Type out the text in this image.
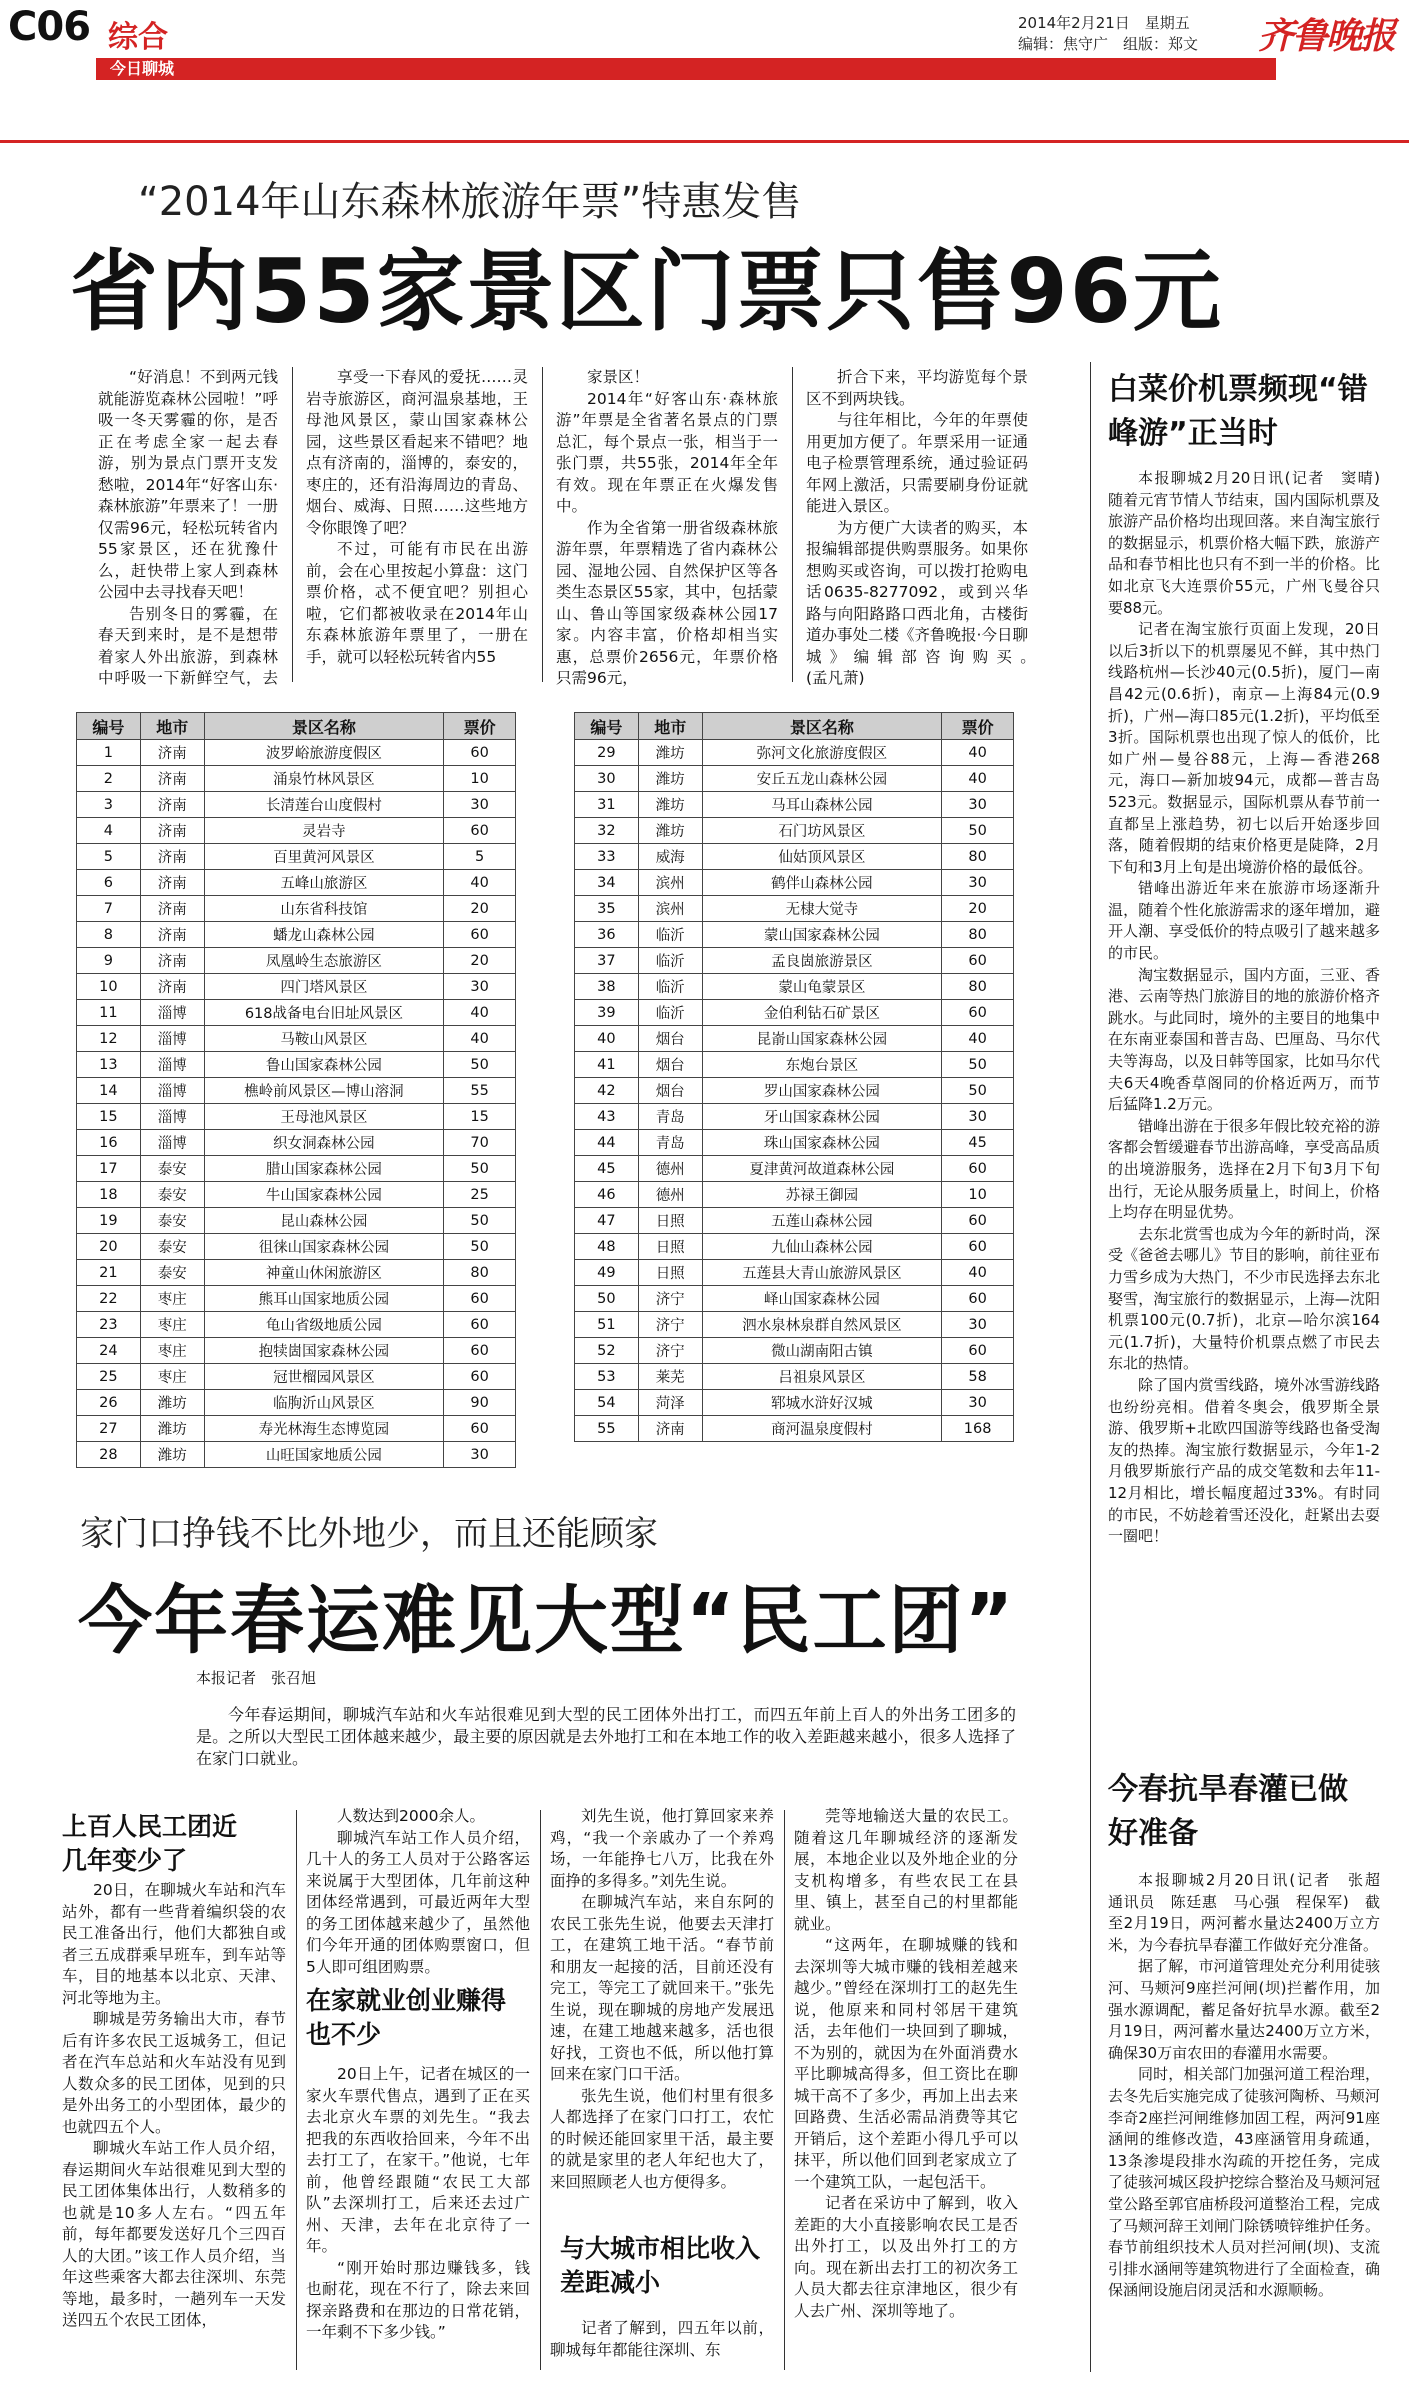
C06 综合
今日聊城
2014年2月21日　星期五
编辑：焦守广　组版：郑文 齐鲁晚报
“2014年山东森林旅游年票”特惠发售
省内55家景区门票只售96元

“好消息！不到两元钱就能游览森林公园啦！”呼吸一冬天雾霾的你，是否正在考虑全家一起去春游，别为景点门票开支发愁啦，2014年“好客山东·森林旅游”年票来了！一册仅需96元，轻松玩转省内55家景区，还在犹豫什么，赶快带上家人到森林公园中去寻找春天吧！

告别冬日的雾霾，在春天到来时，是不是想带着家人外出旅游，到森林中呼吸一下新鲜空气，去

享受一下春风的爱抚……灵岩寺旅游区，商河温泉基地，王母池风景区，蒙山国家森林公园，这些景区看起来不错吧？地点有济南的，淄博的，泰安的，枣庄的，还有沿海周边的青岛、烟台、威海、日照……这些地方令你眼馋了吧？

不过，可能有市民在出游前，会在心里按起小算盘：这门票价格，忒不便宜吧？别担心啦，它们都被收录在2014年山东森林旅游年票里了，一册在手，就可以轻松玩转省内55

家景区！

2014年“好客山东·森林旅游”年票是全省著名景点的门票总汇，每个景点一张，相当于一张门票，共55张，2014年全年有效。现在年票正在火爆发售中。

作为全省第一册省级森林旅游年票，年票精选了省内森林公园、湿地公园、自然保护区等各类生态景区55家，其中，包括蒙山、鲁山等国家级森林公园17家。内容丰富，价格却相当实惠，总票价2656元，年票价格只需96元，

折合下来，平均游览每个景区不到两块钱。

与往年相比，今年的年票使用更加方便了。年票采用一证通电子检票管理系统，通过验证码年网上激活，只需要刷身份证就能进入景区。

为方便广大读者的购买，本报编辑部提供购票服务。如果你想购买或咨询，可以拨打抢购电话0635-8277092，或到兴华路与向阳路路口西北角，古楼街道办事处二楼《齐鲁晚报·今日聊城》编辑部咨询购买。　　　　　　　　(孟凡萧)

编号	地市	景区名称	票价
1	济南	波罗峪旅游度假区	60
2	济南	涌泉竹林风景区	10
3	济南	长清莲台山度假村	30
4	济南	灵岩寺	60
5	济南	百里黄河风景区	5
6	济南	五峰山旅游区	40
7	济南	山东省科技馆	20
8	济南	蟠龙山森林公园	60
9	济南	凤凰岭生态旅游区	20
10	济南	四门塔风景区	30
11	淄博	618战备电台旧址风景区	40
12	淄博	马鞍山风景区	40
13	淄博	鲁山国家森林公园	50
14	淄博	樵岭前风景区—博山溶洞	55
15	淄博	王母池风景区	15
16	淄博	织女洞森林公园	70
17	泰安	腊山国家森林公园	50
18	泰安	牛山国家森林公园	25
19	泰安	昆山森林公园	50
20	泰安	徂徕山国家森林公园	50
21	泰安	神童山休闲旅游区	80
22	枣庄	熊耳山国家地质公园	60
23	枣庄	龟山省级地质公园	60
24	枣庄	抱犊崮国家森林公园	60
25	枣庄	冠世榴园风景区	60
26	潍坊	临朐沂山风景区	90
27	潍坊	寿光林海生态博览园	60
28	潍坊	山旺国家地质公园	30
编号	地市	景区名称	票价
29	潍坊	弥河文化旅游度假区	40
30	潍坊	安丘五龙山森林公园	40
31	潍坊	马耳山森林公园	30
32	潍坊	石门坊风景区	50
33	威海	仙姑顶风景区	80
34	滨州	鹤伴山森林公园	30
35	滨州	无棣大觉寺	20
36	临沂	蒙山国家森林公园	80
37	临沂	孟良崮旅游景区	60
38	临沂	蒙山龟蒙景区	80
39	临沂	金伯利钻石矿景区	60
40	烟台	昆嵛山国家森林公园	40
41	烟台	东炮台景区	50
42	烟台	罗山国家森林公园	50
43	青岛	牙山国家森林公园	30
44	青岛	珠山国家森林公园	45
45	德州	夏津黄河故道森林公园	60
46	德州	苏禄王御园	10
47	日照	五莲山森林公园	60
48	日照	九仙山森林公园	60
49	日照	五莲县大青山旅游风景区	40
50	济宁	峄山国家森林公园	60
51	济宁	泗水泉林泉群自然风景区	30
52	济宁	微山湖南阳古镇	60
53	莱芜	吕祖泉风景区	58
54	菏泽	郓城水浒好汉城	30
55	济南	商河温泉度假村	168
家门口挣钱不比外地少，而且还能顾家
今年春运难见大型“民工团”
本报记者　张召旭

今年春运期间，聊城汽车站和火车站很难见到大型的民工团体外出打工，而四五年前上百人的外出务工团多的是。之所以大型民工团体越来越少，最主要的原因就是去外地打工和在本地工作的收入差距越来越小，很多人选择了在家门口就业。

上百人民工团近几年变少了

20日，在聊城火车站和汽车站外，都有一些背着编织袋的农民工准备出行，他们大都独自或者三五成群乘早班车，到车站等车，目的地基本以北京、天津、河北等地为主。

聊城是劳务输出大市，春节后有许多农民工返城务工，但记者在汽车总站和火车站没有见到人数众多的民工团体，见到的只是外出务工的小型团体，最少的也就四五个人。

聊城火车站工作人员介绍，春运期间火车站很难见到大型的民工团体集体出行，人数稍多的也就是10多人左右。“四五年前，每年都要发送好几个三四百人的大团。”该工作人员介绍，当年这些乘客大都去往深圳、东莞等地，最多时，一趟列车一天发送四五个农民工团体，

人数达到2000余人。

聊城汽车站工作人员介绍，几十人的务工人员对于公路客运来说属于大型团体，几年前这种团体经常遇到，可最近两年大型的务工团体越来越少了，虽然他们今年开通的团体购票窗口，但5人即可组团购票。

在家就业创业赚得也不少

20日上午，记者在城区的一家火车票代售点，遇到了正在买去北京火车票的刘先生。“我去把我的东西收拾回来，今年不出去打工了，在家干。”他说，七年前，他曾经跟随“农民工大部队”去深圳打工，后来还去过广州、天津，去年在北京待了一年。

“刚开始时那边赚钱多，钱也耐花，现在不行了，除去来回探亲路费和在那边的日常花销，一年剩不下多少钱。”

刘先生说，他打算回家来养鸡，“我一个亲戚办了一个养鸡场，一年能挣七八万，比我在外面挣的多得多。”刘先生说。

在聊城汽车站，来自东阿的农民工张先生说，他要去天津打工，在建筑工地干活。“春节前和朋友一起接的活，目前还没有完工，等完工了就回来干。”张先生说，现在聊城的房地产发展迅速，在建工地越来越多，活也很好找，工资也不低，所以他打算回来在家门口干活。

张先生说，他们村里有很多人都选择了在家门口打工，农忙的时候还能回家里干活，最主要的就是家里的老人年纪也大了，来回照顾老人也方便得多。

与大城市相比收入差距减小

记者了解到，四五年以前，聊城每年都能往深圳、东

莞等地输送大量的农民工。随着这几年聊城经济的逐渐发展，本地企业以及外地企业的分支机构增多，有些农民工在县里、镇上，甚至自己的村里都能就业。

“这两年，在聊城赚的钱和去深圳等大城市赚的钱相差越来越少。”曾经在深圳打工的赵先生说，他原来和同村邻居干建筑活，去年他们一块回到了聊城，不为别的，就因为在外面消费水平比聊城高得多，但工资比在聊城干高不了多少，再加上出去来回路费、生活必需品消费等其它开销后，这个差距小得几乎可以抹平，所以他们回到老家成立了一个建筑工队，一起包活干。

记者在采访中了解到，收入差距的大小直接影响农民工是否出外打工，以及出外打工的方向。现在新出去打工的初次务工人员大都去往京津地区，很少有人去广州、深圳等地了。

白菜价机票频现“错峰游”正当时

本报聊城2月20日讯(记者　窦晴)　随着元宵节情人节结束，国内国际机票及旅游产品价格均出现回落。来自淘宝旅行的数据显示，机票价格大幅下跌，旅游产品和春节相比也只有不到一半的价格。比如北京飞大连票价55元，广州飞曼谷只要88元。

记者在淘宝旅行页面上发现，20日以后3折以下的机票屡见不鲜，其中热门线路杭州—长沙40元(0.5折)，厦门—南昌42元(0.6折)，南京—上海84元(0.9折)，广州—海口85元(1.2折)，平均低至3折。国际机票也出现了惊人的低价，比如广州—曼谷88元，上海—香港268元，海口—新加坡94元，成都—普吉岛523元。数据显示，国际机票从春节前一直都呈上涨趋势，初七以后开始逐步回落，随着假期的结束价格更是陡降，2月下旬和3月上旬是出境游价格的最低谷。

错峰出游近年来在旅游市场逐渐升温，随着个性化旅游需求的逐年增加，避开人潮、享受低价的特点吸引了越来越多的市民。

淘宝数据显示，国内方面，三亚、香港、云南等热门旅游目的地的旅游价格齐跳水。与此同时，境外的主要目的地集中在东南亚泰国和普吉岛、巴厘岛、马尔代夫等海岛，以及日韩等国家，比如马尔代夫6天4晚香草阁同的价格近两万，而节后猛降1.2万元。

错峰出游在于很多年假比较充裕的游客都会暂缓避春节出游高峰，享受高品质的出境游服务，选择在2月下旬3月下旬出行，无论从服务质量上，时间上，价格上均存在明显优势。

去东北赏雪也成为今年的新时尚，深受《爸爸去哪儿》节目的影响，前往亚布力雪乡成为大热门，不少市民选择去东北娶雪，淘宝旅行的数据显示，上海—沈阳机票100元(0.7折)，北京—哈尔滨164元(1.7折)，大量特价机票点燃了市民去东北的热情。

除了国内赏雪线路，境外冰雪游线路也纷纷亮相。借着冬奥会，俄罗斯全景游、俄罗斯+北欧四国游等线路也备受淘友的热捧。淘宝旅行数据显示，今年1-2月俄罗斯旅行产品的成交笔数和去年11-12月相比，增长幅度超过33%。有时同的市民，不妨趁着雪还没化，赶紧出去耍一圈吧！

今春抗旱春灌已做好准备

本报聊城2月20日讯(记者　张超　通讯员　陈廷惠　马心强　程保军)　截至2月19日，两河蓄水量达2400万立方米，为今春抗旱春灌工作做好充分准备。

据了解，市河道管理处充分利用徒骇河、马颊河9座拦河闸(坝)拦蓄作用，加强水源调配，蓄足备好抗旱水源。截至2月19日，两河蓄水量达2400万立方米，确保30万亩农田的春灌用水需要。

同时，相关部门加强河道工程治理，去冬先后实施完成了徒骇河陶桥、马颊河李奇2座拦河闸维修加固工程，两河91座涵闸的维修改造，43座涵管用身疏通，13条渗堤段排水沟疏的开挖任务，完成了徒骇河城区段护挖综合整治及马颊河冠堂公路至郭官庙桥段河道整治工程，完成了马颊河辞王刘闸门除锈喷锌维护任务。春节前组织技术人员对拦河闸(坝)、支流引排水涵闸等建筑物进行了全面检查，确保涵闸设施启闭灵活和水源顺畅。
